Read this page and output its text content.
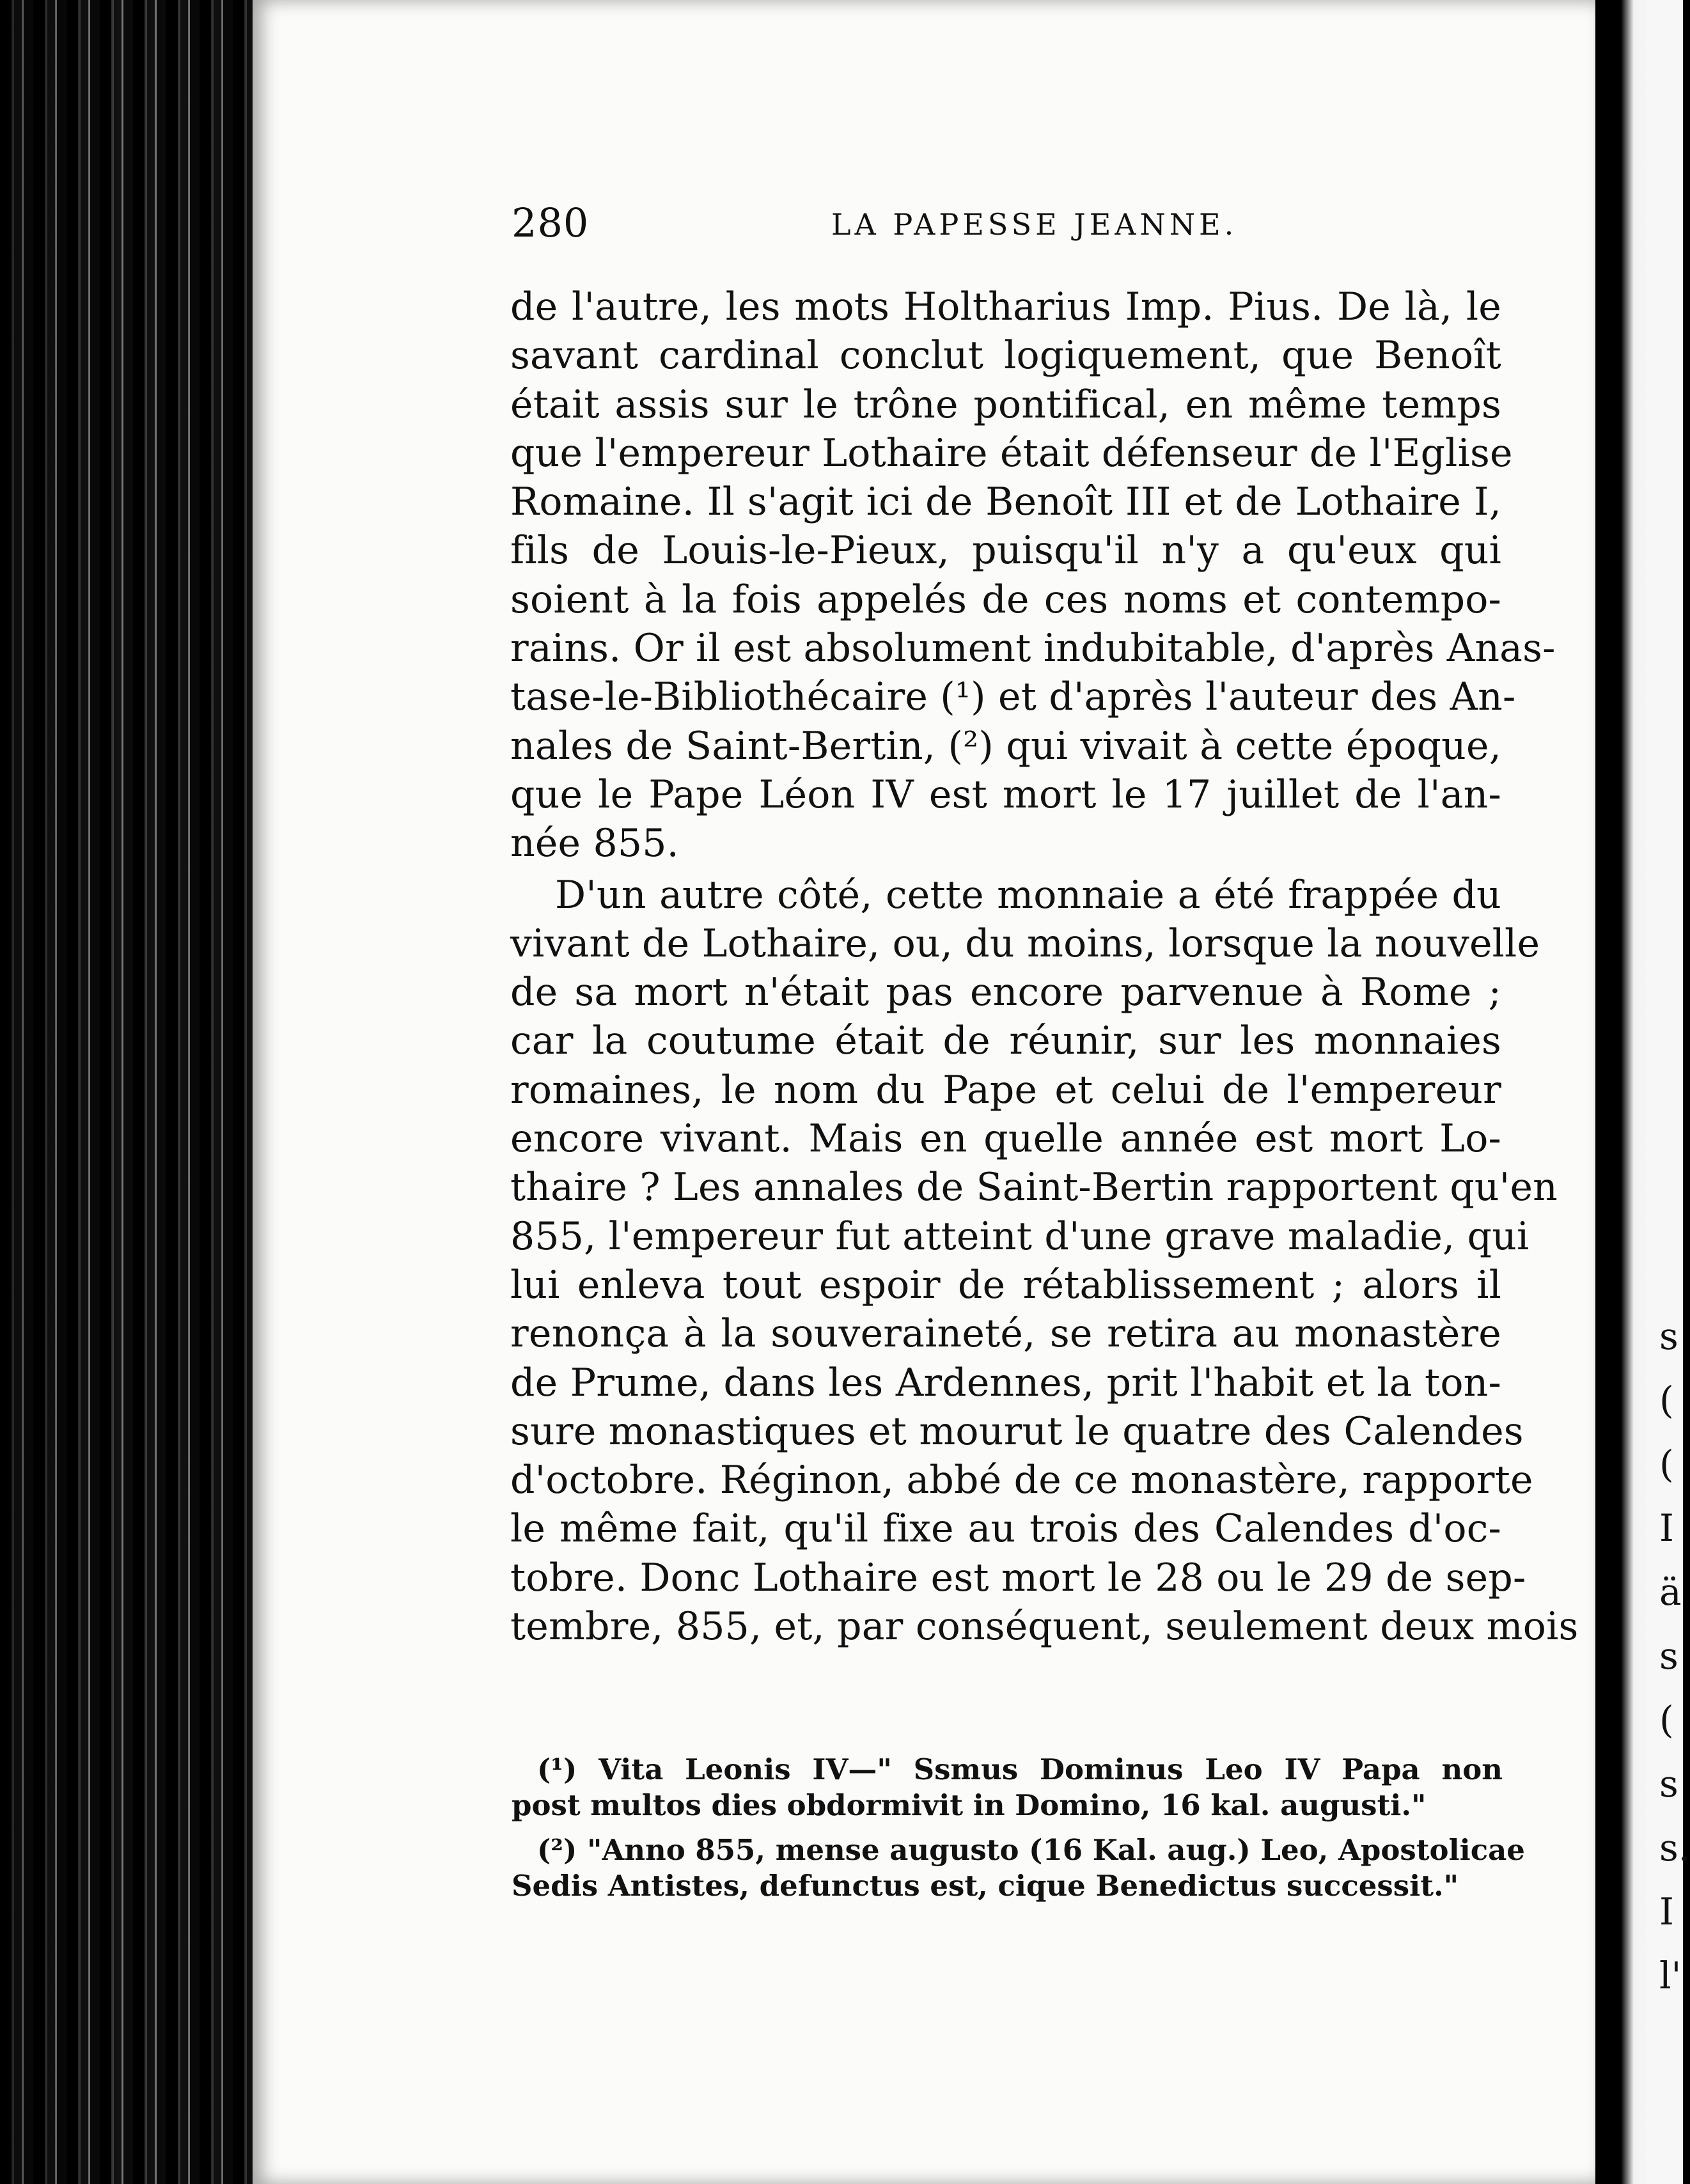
280	LA PAPESSE JEANNE.

de l'autre, les mots Holtharius Imp. Pius. De là, le
savant cardinal conclut logiquement, que Benoît
était assis sur le trône pontifical, en même temps
que l'empereur Lothaire était défenseur de l'Eglise
Romaine. Il s'agit ici de Benoît III et de Lothaire I,
fils de Louis-le-Pieux, puisqu'il n'y a qu'eux qui
soient à la fois appelés de ces noms et contempo-
rains. Or il est absolument indubitable, d'après Anas-
tase-le-Bibliothécaire (¹) et d'après l'auteur des An-
nales de Saint-Bertin, (²) qui vivait à cette époque,
que le Pape Léon IV est mort le 17 juillet de l'an-
née 855.

D'un autre côté, cette monnaie a été frappée du
vivant de Lothaire, ou, du moins, lorsque la nouvelle
de sa mort n'était pas encore parvenue à Rome ;
car la coutume était de réunir, sur les monnaies
romaines, le nom du Pape et celui de l'empereur
encore vivant. Mais en quelle année est mort Lo-
thaire ? Les annales de Saint-Bertin rapportent qu'en
855, l'empereur fut atteint d'une grave maladie, qui
lui enleva tout espoir de rétablissement ; alors il
renonça à la souveraineté, se retira au monastère
de Prume, dans les Ardennes, prit l'habit et la ton-
sure monastiques et mourut le quatre des Calendes
d'octobre. Réginon, abbé de ce monastère, rapporte
le même fait, qu'il fixe au trois des Calendes d'oc-
tobre. Donc Lothaire est mort le 28 ou le 29 de sep-
tembre, 855, et, par conséquent, seulement deux mois

(¹) Vita Leonis IV—" Ssmus Dominus Leo IV Papa non
post multos dies obdormivit in Domino, 16 kal. augusti."
(²) "Anno 855, mense augusto (16 Kal. aug.) Leo, Apostolicae
Sedis Antistes, defunctus est, cique Benedictus successit."
s
(
(
I
ä
s
(
s
s.
I
l'
